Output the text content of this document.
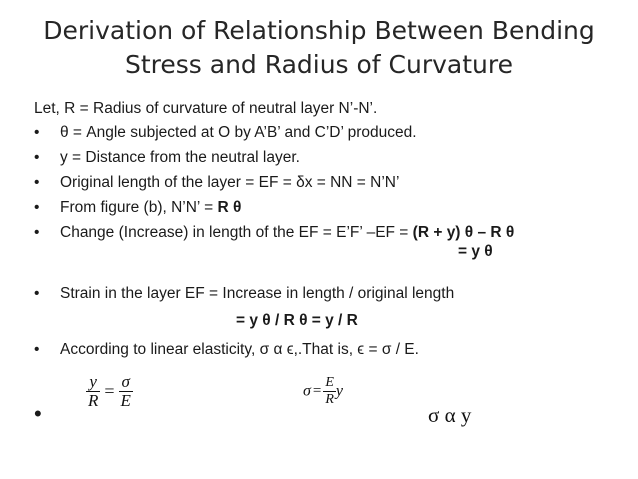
Derivation of Relationship Between Bending
Stress and Radius of Curvature
Let, R = Radius of curvature of neutral layer N’-N’.
• θ = Angle subjected at O by A’B’ and C’D’ produced.
• y = Distance from the neutral layer.
• Original length of the layer = EF = δx = NN = N’N’
• From figure (b), N’N’ = R θ
• Change (Increase) in length of the EF = E’F’ –EF = (R + y) θ – R θ
= y θ
• Strain in the layer EF = Increase in length / original length
= y θ / R θ = y / R
• According to linear elasticity, σ α ϵ,.That is, ϵ = σ / E.
•
$\frac{y}{R} = \frac{\sigma}{E}$	$\sigma = \frac{E}{R}$ y
σ α y
